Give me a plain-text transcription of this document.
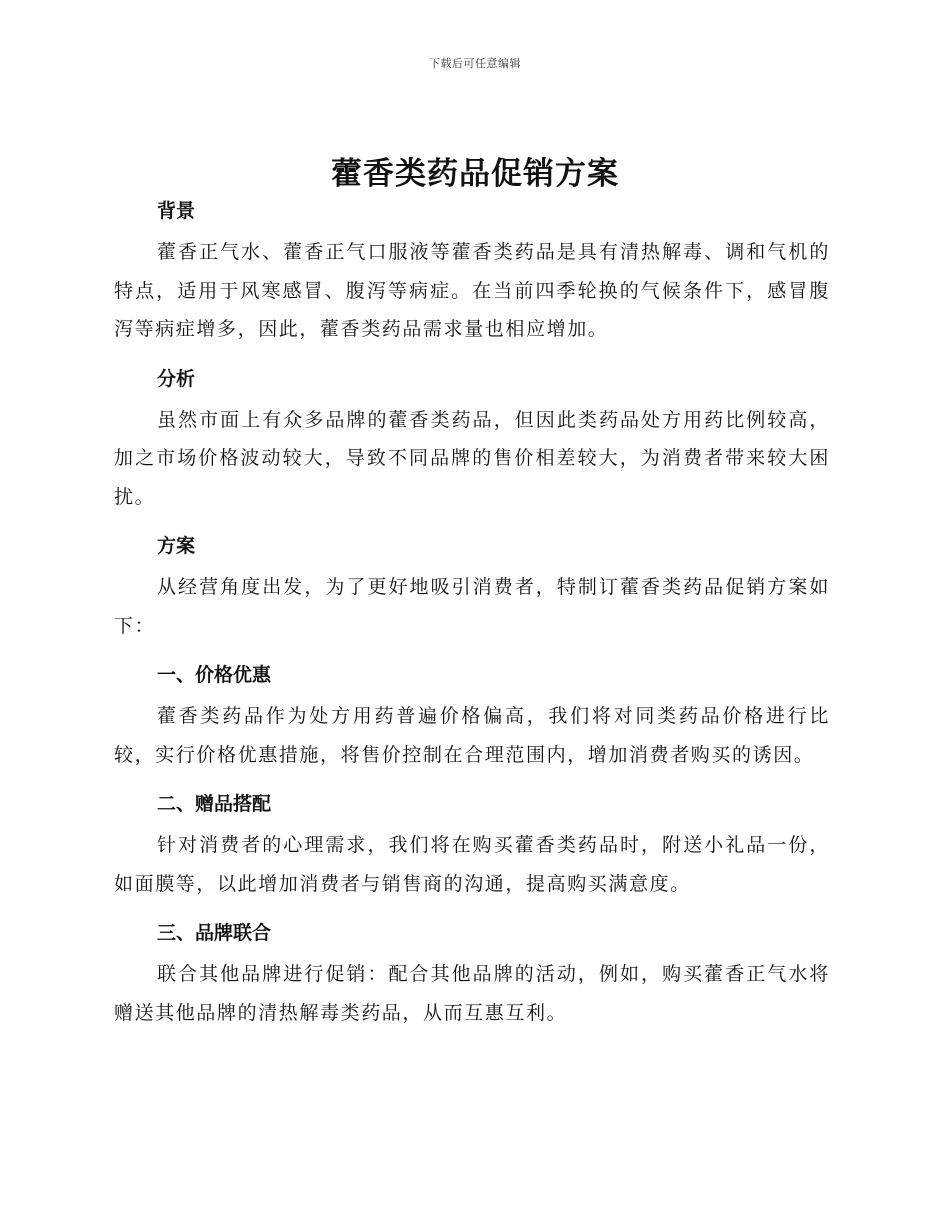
下载后可任意编辑
藿香类药品促销方案
背景

藿香正气水、藿香正气口服液等藿香类药品是具有清热解毒、调和气机的特点，适用于风寒感冒、腹泻等病症。在当前四季轮换的气候条件下，感冒腹泻等病症增多，因此，藿香类药品需求量也相应增加。

分析

虽然市面上有众多品牌的藿香类药品，但因此类药品处方用药比例较高，加之市场价格波动较大，导致不同品牌的售价相差较大，为消费者带来较大困扰。

方案

从经营角度出发，为了更好地吸引消费者，特制订藿香类药品促销方案如下：

一、价格优惠

藿香类药品作为处方用药普遍价格偏高，我们将对同类药品价格进行比较，实行价格优惠措施，将售价控制在合理范围内，增加消费者购买的诱因。

二、赠品搭配

针对消费者的心理需求，我们将在购买藿香类药品时，附送小礼品一份，如面膜等，以此增加消费者与销售商的沟通，提高购买满意度。

三、品牌联合

联合其他品牌进行促销：配合其他品牌的活动，例如，购买藿香正气水将赠送其他品牌的清热解毒类药品，从而互惠互利。
